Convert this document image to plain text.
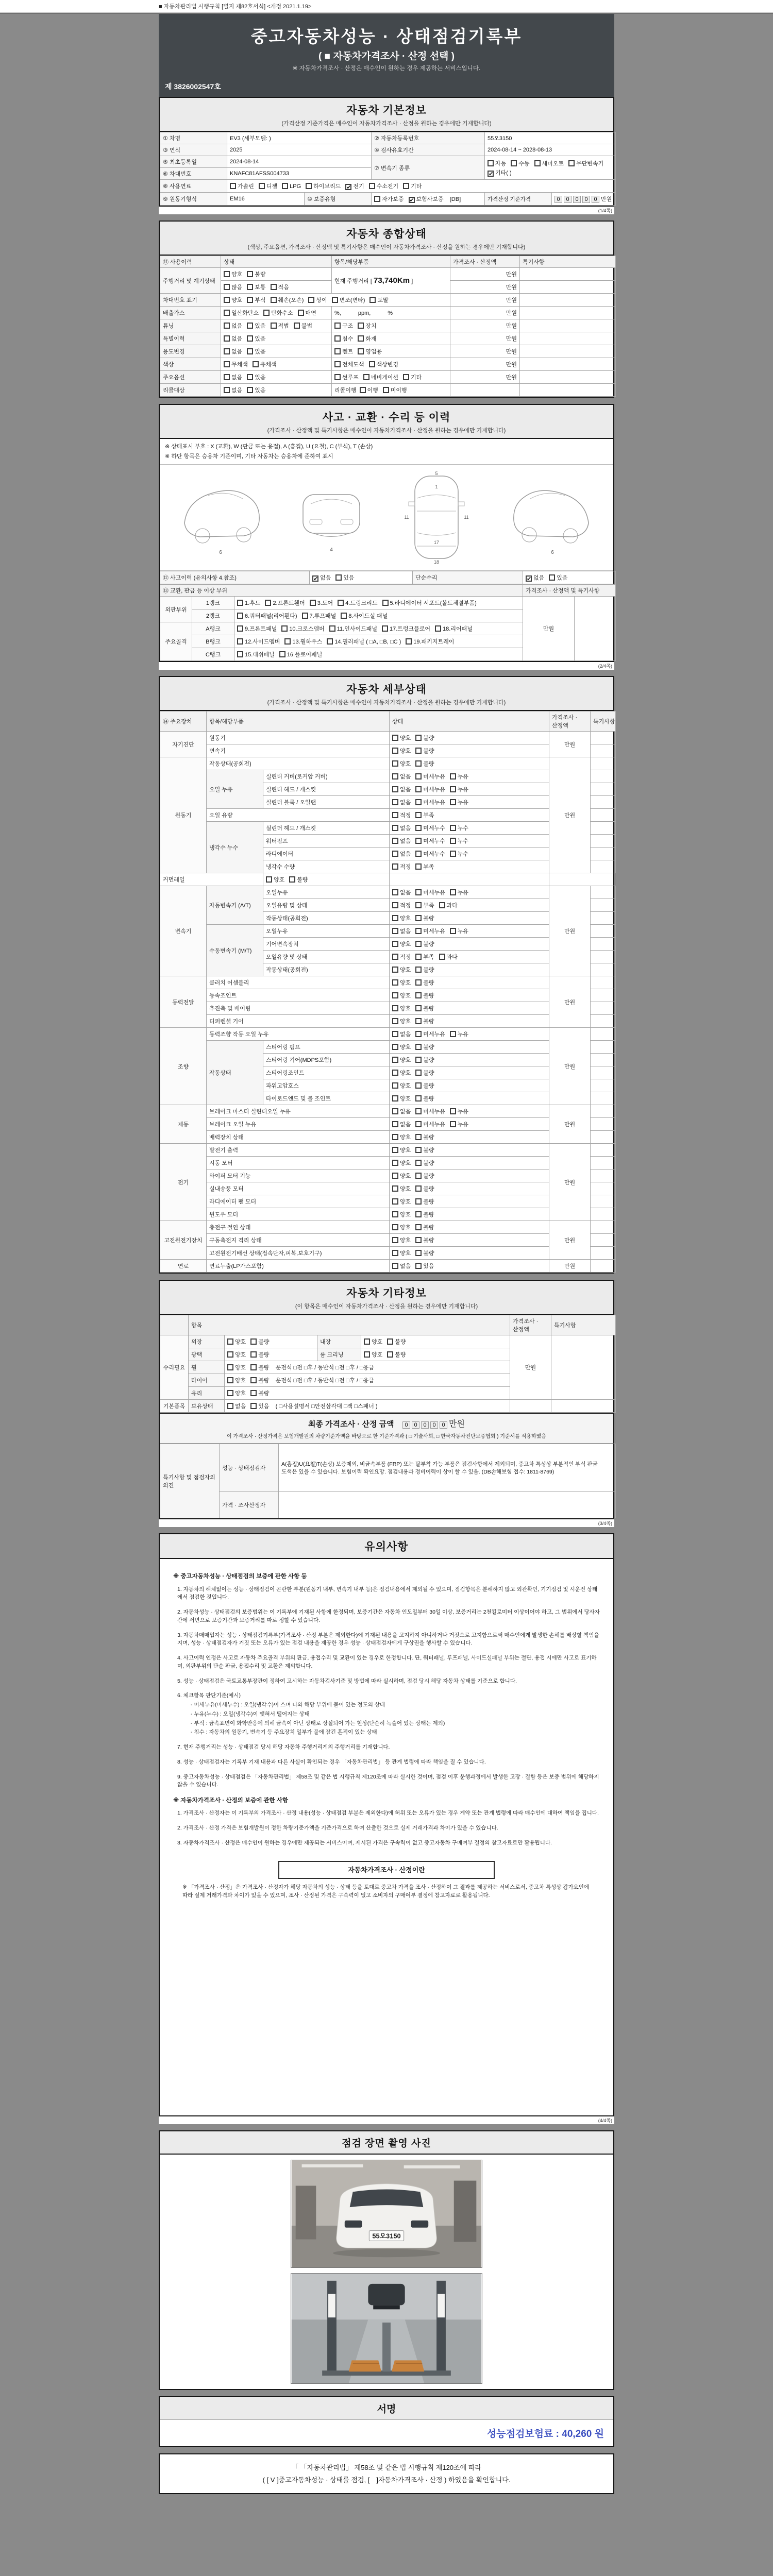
■ 자동차관리법 시행규칙 [별지 제82호서식] <개정 2021.1.19>
중고자동차성능 · 상태점검기록부
( ■ 자동차가격조사 · 산정 선택 )
※ 자동차가격조사 · 산정은 매수인이 원하는 경우 제공하는 서비스입니다.
제 3826002547호
자동차 기본정보
(가격산정 기준가격은 매수인이 자동차가격조사 · 산정을 원하는 경우에만 기재합니다)
① 차명	EV3 (세부모델: )		② 자동차등록번호	55오3150	
③ 연식	2025		④ 검사유효기간	2024-08-14 ~ 2028-08-13	
⑤ 최초등록일	2024-08-14		⑦ 변속기 종류	자동 수동 세미오토 무단변속기✔ 기타( )	
⑥ 차대번호	KNAFC81AFSS004733				
⑧ 사용연료	가솔린 디젤 LPG 하이브리드 ✔ 전기 수소전기 기타				
⑨ 원동기형식	EM16	⑩ 보증유형	자가보증 ✔ 보험사보증 [DB]	가격산정 기준가격	0 0 0 0 0 만원
(1/4쪽)
자동차 종합상태
(색상, 주요옵션, 가격조사 · 산정액 및 특기사항은 매수인이 자동차가격조사 · 산정을 원하는 경우에만 기재합니다)
⑪ 사용이력	상태	항목/해당부품	가격조사 · 산정액	특기사항
주행거리 및 계기상태	양호 불량	현재 주행거리 [ 73,740Km ]	만원	
	많음 보통 적음		만원	
차대번호 표기	양호 부식 훼손(오손) 상이 변조(변타) 도말		만원	
배출가스	일산화탄소 탄화수소 매연	%,　　　ppm,　　　%	만원	
튜닝	없음 있음 적법 불법	구조 장치	만원	
특별이력	없음 있음	침수 화재	만원	
용도변경	없음 있음	렌트 영업용	만원	
색상	무채색 유채색	전체도색 색상변경	만원	
주요옵션	없음 있음	썬루프 네비게이션 기타	만원	
리콜대상	없음 있음	리콜이행 이행 미이행		
사고 · 교환 · 수리 등 이력
(가격조사 · 산정액 및 특기사항은 매수인이 자동차가격조사 · 산정을 원하는 경우에만 기재합니다)
※ 상태표시 부호 : X (교환), W (판금 또는 용접), A (흠집), U (요철), C (부식), T (손상)
※ 하단 항목은 승용차 기준이며, 기타 자동차는 승용차에 준하여 표시
6	4
5
1
11	11
17
18
6
⑫ 사고이력 (유의사항 4.참조)	✔ 없음 있음	단순수리	✔ 없음 있음
⑬ 교환, 판금 등 이상 부위			가격조사 · 산정액 및 특기사항	
외판부위	1랭크	1.후드 2.프론트휀더 3.도어 4.트렁크리드 5.라디에이터 서포트(볼트체결부품)	만원	
	2랭크	6.쿼터패널(리어휀다) 7.루프패널 8.사이드실 패널		
주요골격	A랭크	9.프론트패널 10.크로스멤버 11.인사이드패널 17.트렁크플로어 18.리어패널		
	B랭크	12.사이드멤버 13.휠하우스 14.필러패널 ( □A, □B, □C ) 19.패키지트레이		
	C랭크	15.대쉬패널 16.플로어패널		
(2/4쪽)
자동차 세부상태
(가격조사 · 산정액 및 특기사항은 매수인이 자동차가격조사 · 산정을 원하는 경우에만 기재합니다)
⑭ 주요장치	항목/해당부품		상태	가격조사 · 산정액	특기사항
자기진단	원동기		양호 불량	만원	
	변속기		양호 불량		
원동기	작동상태(공회전)		양호 불량	만원	
	오일 누유	실린더 커버(로커암 커버)	없음 미세누유 누유		
		실린더 헤드 / 개스킷	없음 미세누유 누유		
		실린더 블록 / 오일팬	없음 미세누유 누유		
	오일 유량		적정 부족		
	냉각수 누수	실린더 헤드 / 개스킷	없음 미세누수 누수		
		워터펌프	없음 미세누수 누수		
		라디에이터	없음 미세누수 누수		
		냉각수 수량	적정 부족		
커먼레일		양호 불량			
변속기	자동변속기 (A/T)	오일누유	없음 미세누유 누유	만원	
		오일유량 및 상태	적정 부족 과다		
		작동상태(공회전)	양호 불량		
	수동변속기 (M/T)	오일누유	없음 미세누유 누유		
		기어변속장치	양호 불량		
		오일유량 및 상태	적정 부족 과다		
		작동상태(공회전)	양호 불량		
동력전달	클러치 어셈블리		양호 불량	만원	
	등속조인트		양호 불량		
	추진축 및 베어링		양호 불량		
	디퍼렌셜 기어		양호 불량		
조향	동력조향 작동 오일 누유		없음 미세누유 누유	만원	
	작동상태	스티어링 펌프	양호 불량		
		스티어링 기어(MDPS포함)	양호 불량		
		스티어링조인트	양호 불량		
		파워고압호스	양호 불량		
		타이로드엔드 및 볼 조인트	양호 불량		
제동	브레이크 마스터 실린더오일 누유		없음 미세누유 누유	만원	
	브레이크 오일 누유		없음 미세누유 누유		
	배력장치 상태		양호 불량		
전기	발전기 출력		양호 불량	만원	
	시동 모터		양호 불량		
	와이퍼 모터 기능		양호 불량		
	실내송풍 모터		양호 불량		
	라디에이터 팬 모터		양호 불량		
	윈도우 모터		양호 불량		
고전원전기장치	충전구 절연 상태		양호 불량	만원	
	구동축전지 격리 상태		양호 불량		
	고전원전기배선 상태(접속단자,피복,보호기구)		양호 불량		
연료	연료누출(LP가스포함)		없음 있음	만원	
자동차 기타정보
(이 항목은 매수인이 자동차가격조사 · 산정을 원하는 경우에만 기재합니다)
	항목				가격조사 · 산정액	특기사항
수리필요	외장	양호 불량	내장	양호 불량	만원	
	광택	양호 불량	룸 크리닝	양호 불량		
	휠	양호 불량 운전석 □전 □후 / 동반석 □전 □후 / □응급				
	타이어	양호 불량 운전석 □전 □후 / 동반석 □전 □후 / □응급				
	유리	양호 불량				
기본품목	보유상태	없음 있음 ( □사용설명서 □안전삼각대 □잭 □스패너 )				
최종 가격조사 · 산정 금액 0 0 0 0 0 만원
이 가격조사 · 산정가격은 보험개발원의 차량기준가액을 바탕으로 한 기준가격과 ( □ 기술사회, □ 한국자동차진단보증협회 ) 기준서를 적용하였음
특기사항 및 점검자의 의견	성능 · 상태점검자	A(흠집)U(요철)T(손상) 보증제외, 비금속부품 (FRP) 또는 탈부착 가능 부품은 점검사항에서 제외되며, 중고차 특성상 부분적인 부식 판금 도색은 있을 수 있습니다. 보험이력 확인요망. 점검내용과 정비이력이 상이 할 수 있음. (DB손해보험 접수: 1811-8769)
	가격 · 조사산정자	
(3/4쪽)
유의사항
※ 중고자동차성능 · 상태점검의 보증에 관한 사항 등
1. 자동차의 해체없이는 성능 · 상태점검이 곤란한 부분(원동기 내부, 변속기 내부 등)은 점검내용에서 제외될 수 있으며, 점검항목은 분해하지 않고 외관확인, 기기점검 및 시운전 상태에서 점검한 것입니다.
2. 자동차성능 · 상태점검의 보증범위는 이 기록부에 기재된 사항에 한정되며, 보증기간은 자동차 인도일부터 30일 이상, 보증거리는 2천킬로미터 이상이어야 하고, 그 범위에서 당사자 간에 서면으로 보증기간과 보증거리를 따로 정할 수 있습니다.
3. 자동차매매업자는 성능 · 상태점검기록부(가격조사 · 산정 부분은 제외한다)에 기재된 내용을 고지하지 아니하거나 거짓으로 고지함으로써 매수인에게 발생한 손해를 배상할 책임을 지며, 성능 · 상태점검자가 거짓 또는 오류가 있는 점검 내용을 제공한 경우 성능 · 상태점검자에게 구상권을 행사할 수 있습니다.
4. 사고이력 인정은 사고로 자동차 주요골격 부위의 판금, 용접수리 및 교환이 있는 경우로 한정합니다. 단, 쿼터패널, 루프패널, 사이드실패널 부위는 절단, 용접 시에만 사고로 표기하며, 외판부위의 단순 판금, 용접수리 및 교환은 제외합니다.
5. 성능 · 상태점검은 국토교통부장관이 정하여 고시하는 자동차검사기준 및 방법에 따라 실시하며, 점검 당시 해당 자동차 상태를 기준으로 합니다.
6. 체크항목 판단기준(예시)
- 미세누유(미세누수) : 오일(냉각수)이 스며 나와 해당 부위에 묻어 있는 정도의 상태
- 누유(누수) : 오일(냉각수)이 맺혀서 떨어지는 상태
- 부식 : 금속표면이 화학반응에 의해 금속이 아닌 상태로 상실되어 가는 현상(단순히 녹슬어 있는 상태는 제외)
- 침수 : 자동차의 원동기, 변속기 등 주요장치 일부가 물에 잠긴 흔적이 있는 상태
7. 현재 주행거리는 성능 · 상태점검 당시 해당 자동차 주행거리계의 주행거리를 기재합니다.
8. 성능 · 상태점검자는 기록부 기재 내용과 다른 사실이 확인되는 경우 「자동차관리법」 등 관계 법령에 따라 책임을 질 수 있습니다.
9. 중고자동차성능 · 상태점검은 「자동차관리법」 제58조 및 같은 법 시행규칙 제120조에 따라 실시한 것이며, 점검 이후 운행과정에서 발생한 고장 · 결함 등은 보증 범위에 해당하지 않을 수 있습니다.
※ 자동차가격조사 · 산정의 보증에 관한 사항
1. 가격조사 · 산정자는 이 기록부의 가격조사 · 산정 내용(성능 · 상태점검 부분은 제외한다)에 허위 또는 오류가 있는 경우 계약 또는 관계 법령에 따라 매수인에 대하여 책임을 집니다.
2. 가격조사 · 산정 가격은 보험개발원이 정한 차량기준가액을 기준가격으로 하여 산출한 것으로 실제 거래가격과 차이가 있을 수 있습니다.
3. 자동차가격조사 · 산정은 매수인이 원하는 경우에만 제공되는 서비스이며, 제시된 가격은 구속력이 없고 중고자동차 구매여부 결정의 참고자료로만 활용됩니다.
자동차가격조사 · 산정이란
※ 「가격조사 · 산정」은 가격조사 · 산정자가 해당 자동차의 성능 · 상태 등을 토대로 중고차 가격을 조사 · 산정하여 그 결과를 제공하는 서비스로서, 중고차 특성상 감가요인에 따라 실제 거래가격과 차이가 있을 수 있으며, 조사 · 산정된 가격은 구속력이 없고 소비자의 구매여부 결정에 참고자료로 활용됩니다.
(4/4쪽)
점검 장면 촬영 사진
55오3150
서명
성능점검보험료 : 40,260 원
「 「자동차관리법」 제58조 및 같은 법 시행규칙 제120조에 따라
( [ V ]중고자동차성능 · 상태를 점검, [　]자동차가격조사 · 산정 ) 하였음을 확인합니다.
